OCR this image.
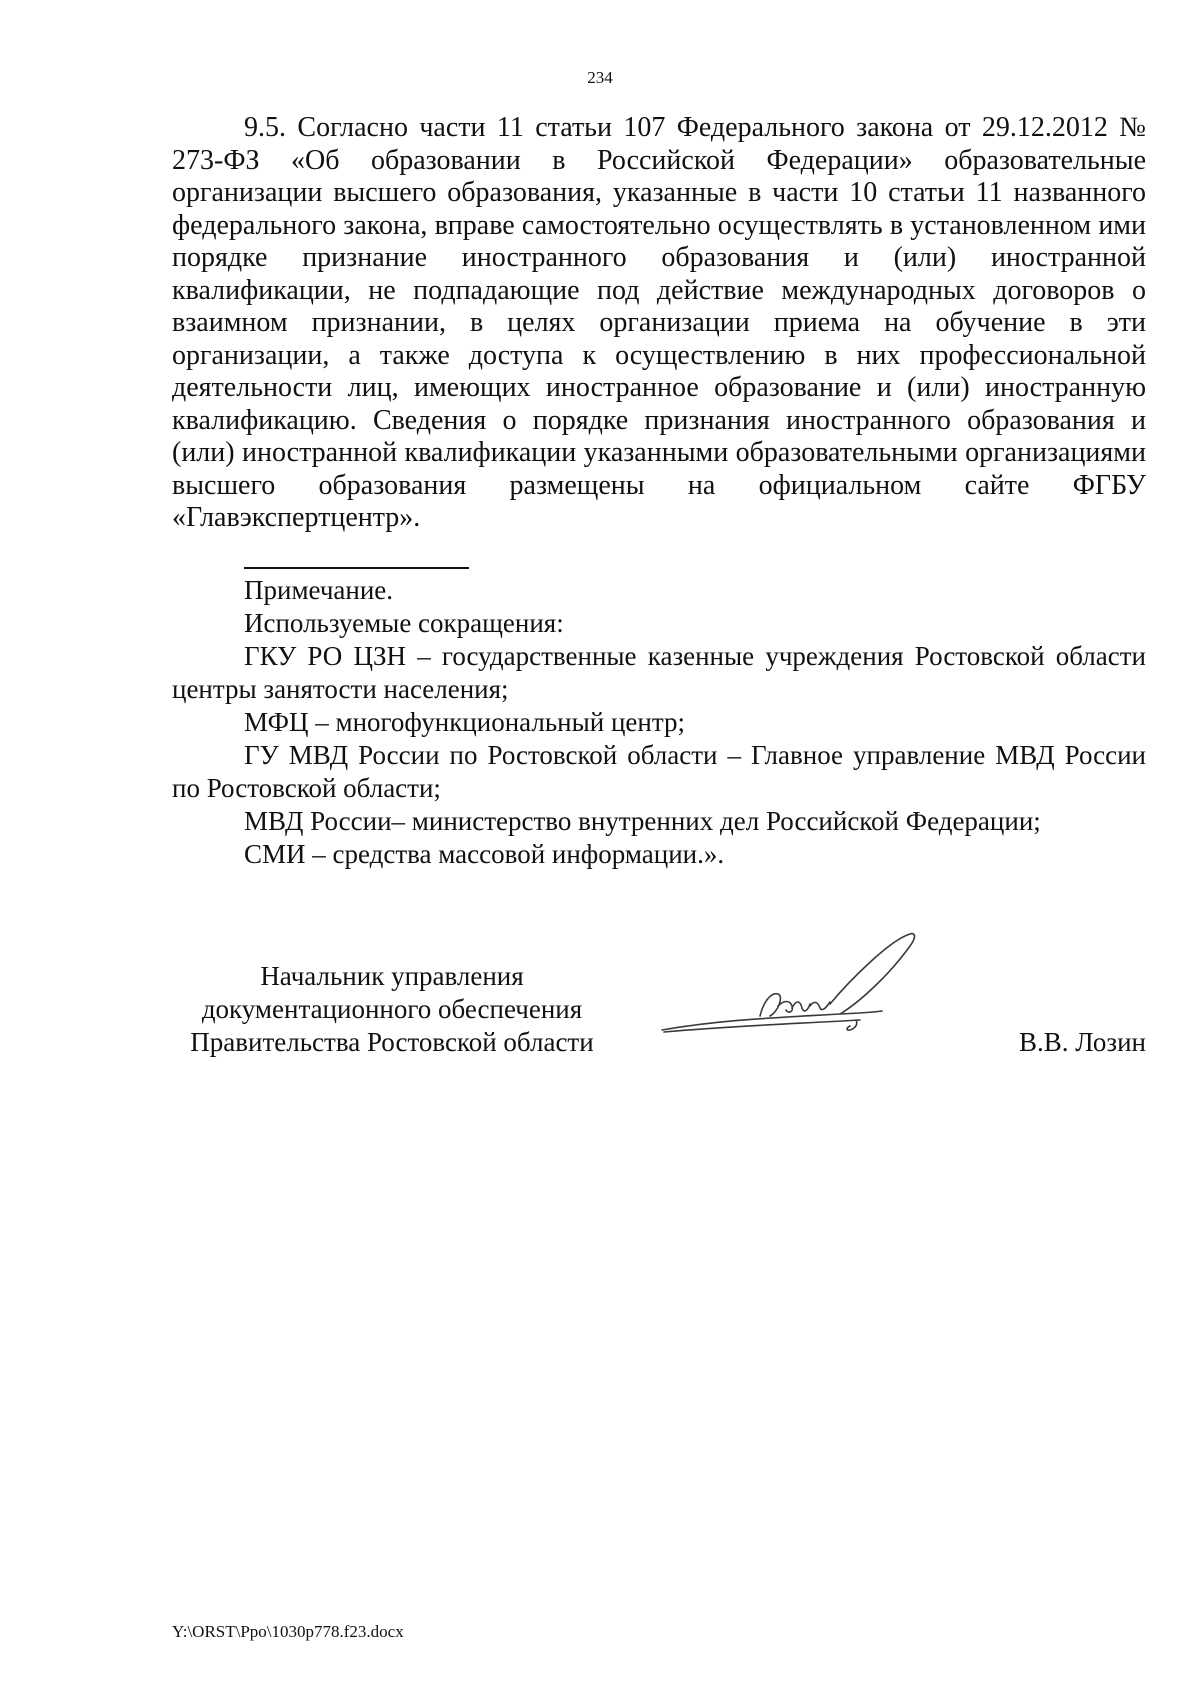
234

9.5. Согласно части 11 статьи 107 Федерального закона от 29.12.2012 № 273-ФЗ «Об образовании в Российской Федерации» образовательные организации высшего образования, указанные в части 10 статьи 11 названного федерального закона, вправе самостоятельно осуществлять в установленном ими порядке признание иностранного образования и (или) иностранной квалификации, не подпадающие под действие международных договоров о взаимном признании, в целях организации приема на обучение в эти организации, а также доступа к осуществлению в них профессиональной деятельности лиц, имеющих иностранное образование и (или) иностранную квалификацию. Сведения о порядке признания иностранного образования и (или) иностранной квалификации указанными образовательными организациями высшего образования размещены на официальном сайте ФГБУ «Главэкспертцентр».

Примечание.

Используемые сокращения:

ГКУ РО ЦЗН – государственные казенные учреждения Ростовской области центры занятости населения;

МФЦ – многофункциональный центр;

ГУ МВД России по Ростовской области – Главное управление МВД России по Ростовской области;

МВД России– министерство внутренних дел Российской Федерации;

СМИ – средства массовой информации.».

Начальник управления
документационного обеспечения
Правительства Ростовской области	В.В. Лозин
Y:\ORST\Ppo\1030p778.f23.docx
